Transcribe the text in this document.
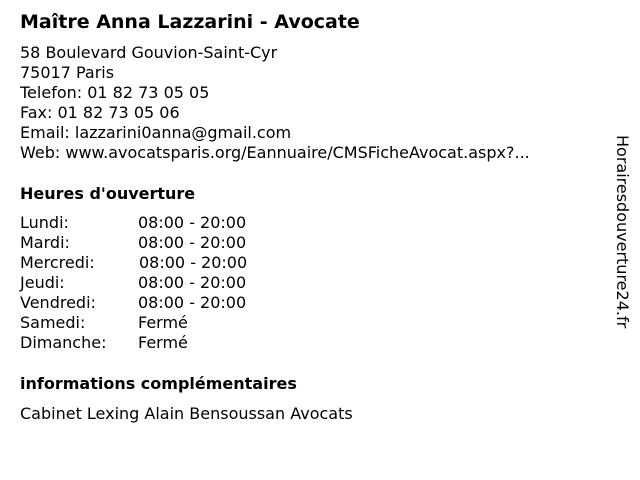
Maître Anna Lazzarini - Avocate
58 Boulevard Gouvion-Saint-Cyr
75017 Paris
Telefon: 01 82 73 05 05
Fax: 01 82 73 05 06
Email: lazzarini0anna@gmail.com
Web: www.avocatsparis.org/Eannuaire/CMSFicheAvocat.aspx?...
Heures d'ouverture
Lundi:	08:00 - 20:00
Mardi:	08:00 - 20:00
Mercredi:	08:00 - 20:00
Jeudi:	08:00 - 20:00
Vendredi:	08:00 - 20:00
Samedi:	Fermé
Dimanche: Fermé
informations complémentaires
Cabinet Lexing Alain Bensoussan Avocats
Horairesdouverture24.fr
